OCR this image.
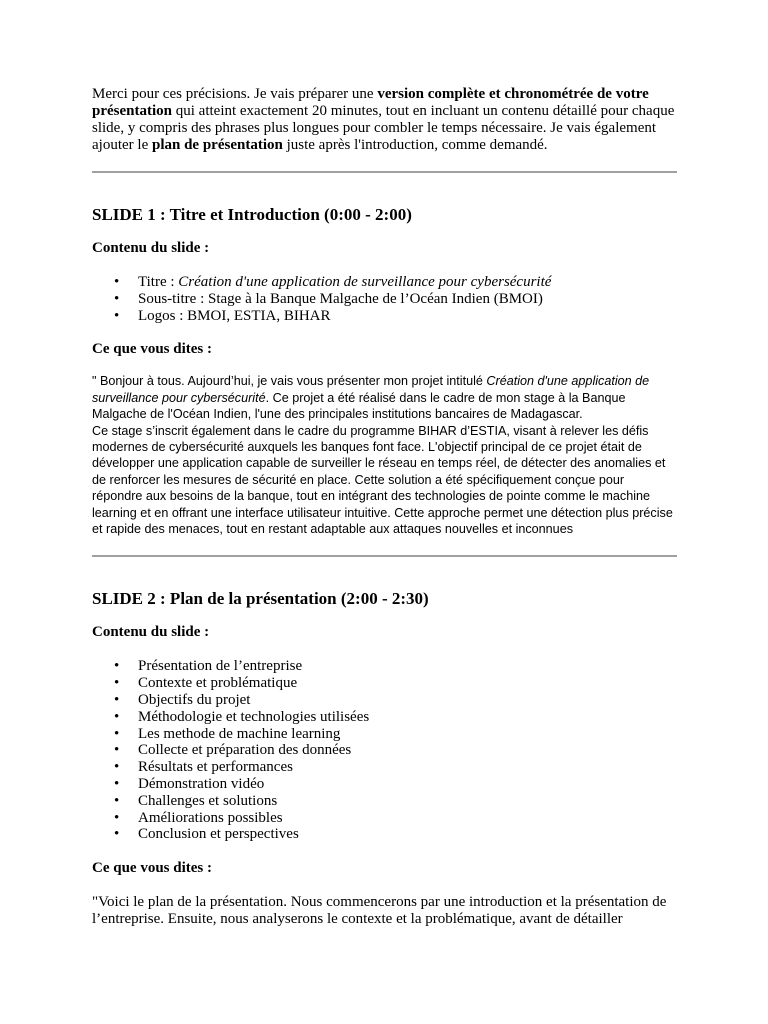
Merci pour ces précisions. Je vais préparer une version complète et chronométrée de votre présentation qui atteint exactement 20 minutes, tout en incluant un contenu détaillé pour chaque slide, y compris des phrases plus longues pour combler le temps nécessaire. Je vais également ajouter le plan de présentation juste après l'introduction, comme demandé.

SLIDE 1 : Titre et Introduction (0:00 - 2:00)

Contenu du slide :

• Titre : Création d'une application de surveillance pour cybersécurité
• Sous-titre : Stage à la Banque Malgache de l’Océan Indien (BMOI)
• Logos : BMOI, ESTIA, BIHAR

Ce que vous dites :

" Bonjour à tous. Aujourd’hui, je vais vous présenter mon projet intitulé Création d'une application de surveillance pour cybersécurité. Ce projet a été réalisé dans le cadre de mon stage à la Banque Malgache de l'Océan Indien, l'une des principales institutions bancaires de Madagascar.

Ce stage s’inscrit également dans le cadre du programme BIHAR d’ESTIA, visant à relever les défis modernes de cybersécurité auxquels les banques font face. L'objectif principal de ce projet était de développer une application capable de surveiller le réseau en temps réel, de détecter des anomalies et de renforcer les mesures de sécurité en place. Cette solution a été spécifiquement conçue pour répondre aux besoins de la banque, tout en intégrant des technologies de pointe comme le machine learning et en offrant une interface utilisateur intuitive. Cette approche permet une détection plus précise et rapide des menaces, tout en restant adaptable aux attaques nouvelles et inconnues

SLIDE 2 : Plan de la présentation (2:00 - 2:30)

Contenu du slide :

• Présentation de l’entreprise
• Contexte et problématique
• Objectifs du projet
• Méthodologie et technologies utilisées
• Les methode de machine learning
• Collecte et préparation des données
• Résultats et performances
• Démonstration vidéo
• Challenges et solutions
• Améliorations possibles
• Conclusion et perspectives

Ce que vous dites :

"Voici le plan de la présentation. Nous commencerons par une introduction et la présentation de l’entreprise. Ensuite, nous analyserons le contexte et la problématique, avant de détailler
